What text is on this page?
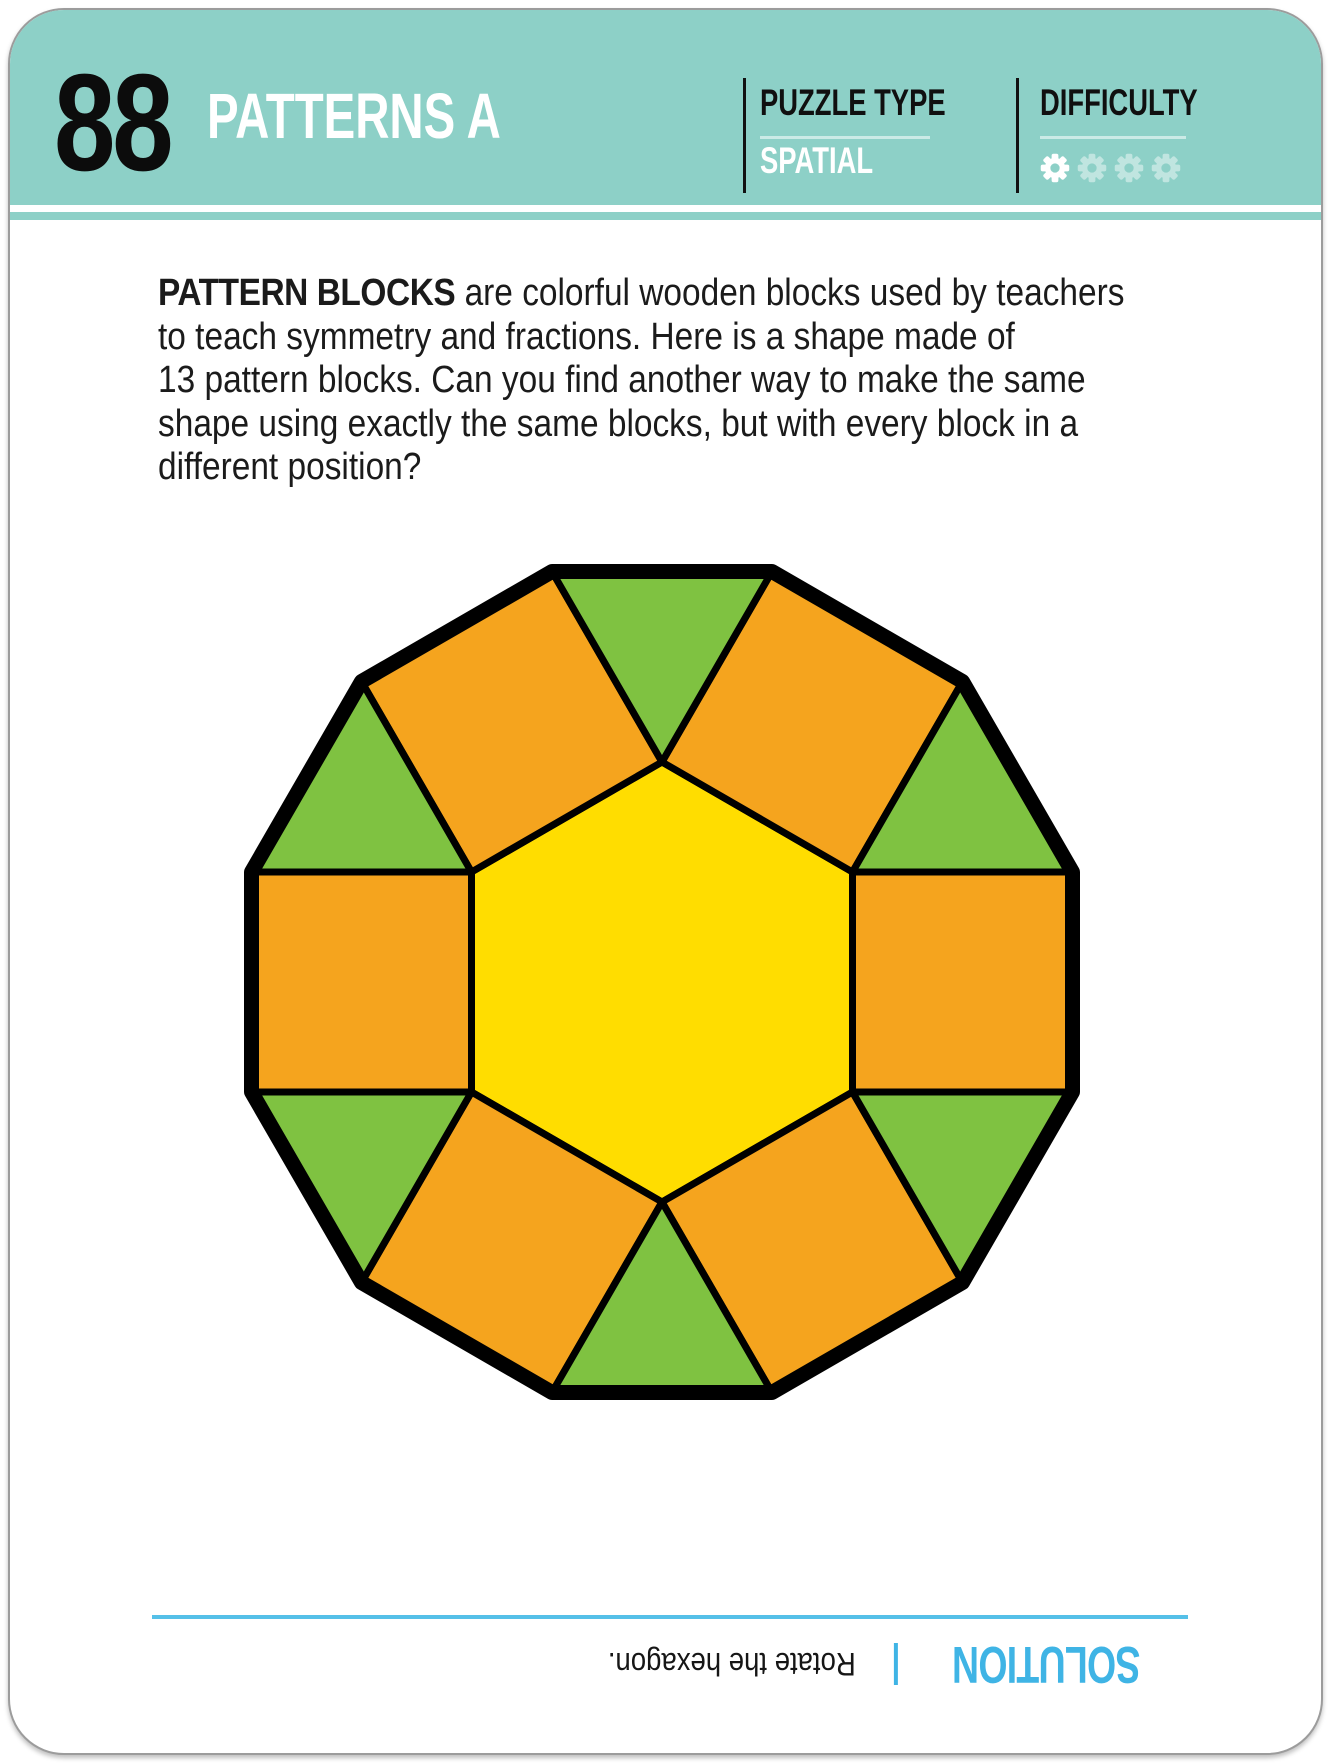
88 PATTERNS A	PUZZLE TYPE
SPATIAL
DIFFICULTY
PATTERN BLOCKS are colorful wooden blocks used by teachers
to teach symmetry and fractions. Here is a shape made of
13 pattern blocks. Can you find another way to make the same
shape using exactly the same blocks, but with every block in a
different position?
SOLUTION
Rotate the hexagon.
